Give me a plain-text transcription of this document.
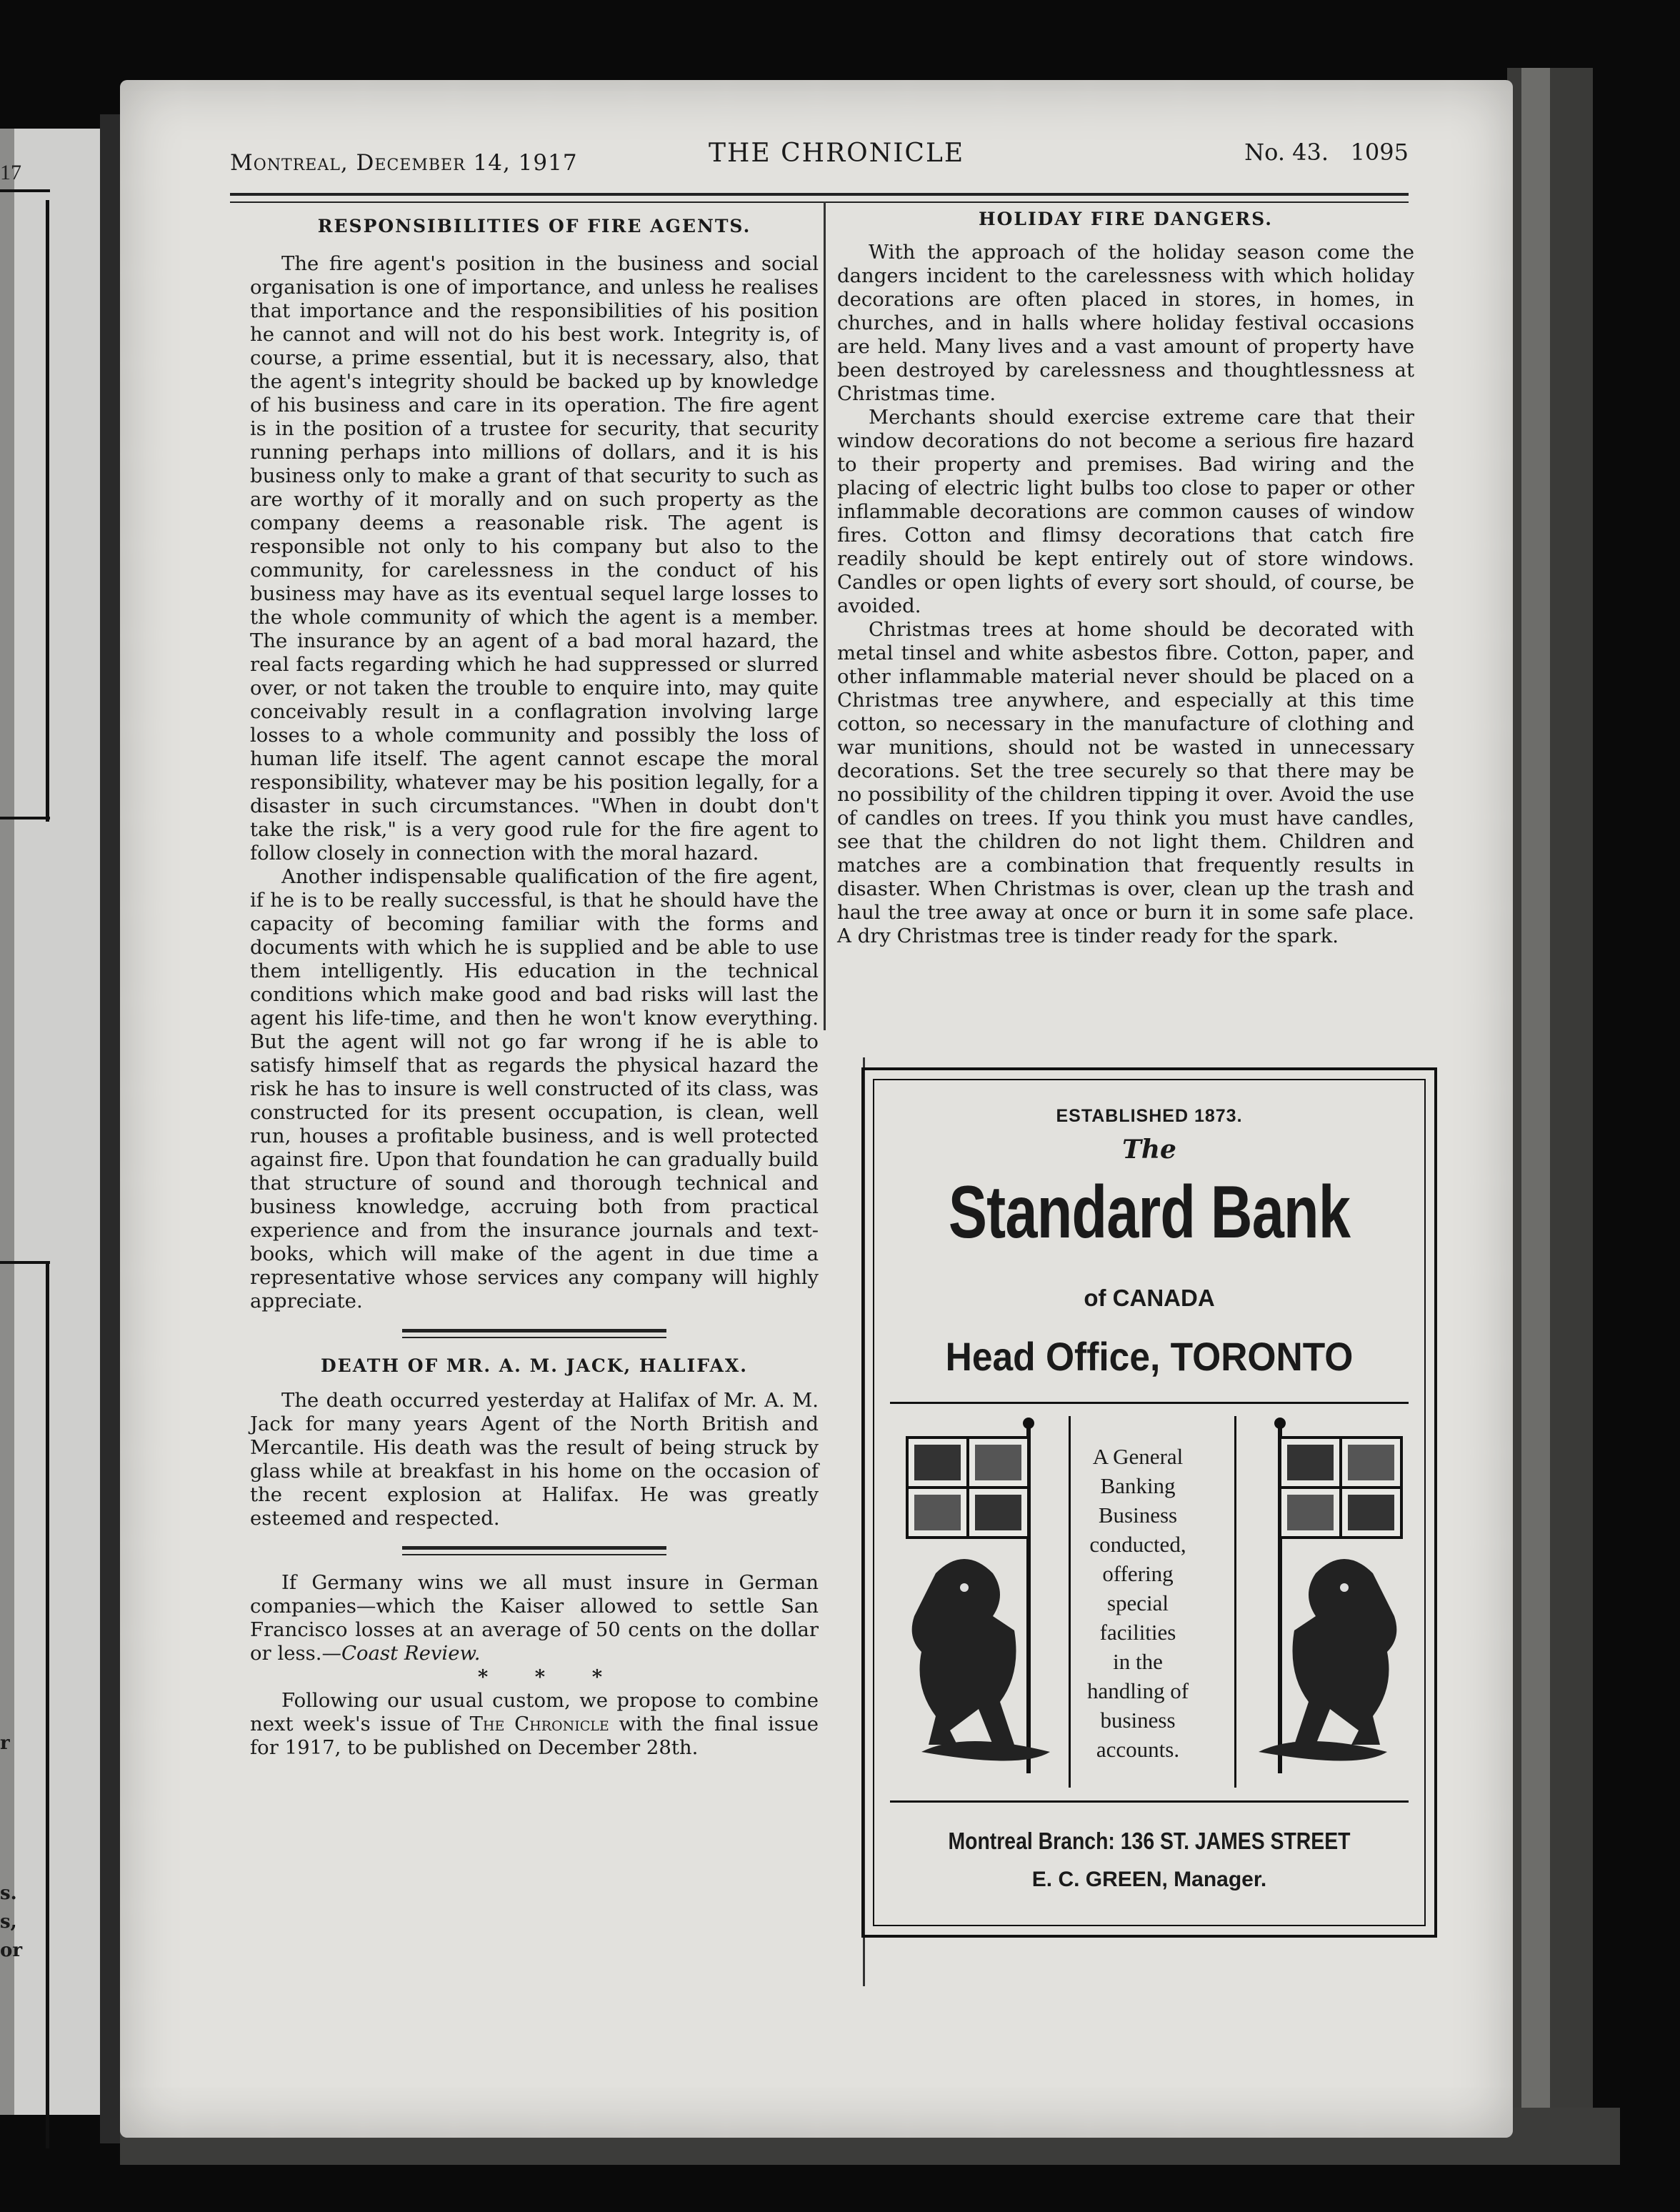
17
r
s.
s,
or
Montreal, December 14, 1917	THE CHRONICLE	No. 43.   1095
RESPONSIBILITIES OF FIRE AGENTS.

The fire agent's position in the business and social organisation is one of importance, and unless he realises that importance and the responsibilities of his position he cannot and will not do his best work. Integrity is, of course, a prime essential, but it is necessary, also, that the agent's integrity should be backed up by knowledge of his business and care in its operation. The fire agent is in the position of a trustee for security, that security running perhaps into millions of dollars, and it is his business only to make a grant of that security to such as are worthy of it morally and on such property as the company deems a reasonable risk. The agent is responsible not only to his company but also to the community, for carelessness in the conduct of his business may have as its eventual sequel large losses to the whole community of which the agent is a member. The insurance by an agent of a bad moral hazard, the real facts regarding which he had suppressed or slurred over, or not taken the trouble to enquire into, may quite conceivably result in a conflagration involving large losses to a whole community and possibly the loss of human life itself. The agent cannot escape the moral responsibility, whatever may be his position legally, for a disaster in such circumstances. "When in doubt don't take the risk," is a very good rule for the fire agent to follow closely in connection with the moral hazard.

Another indispensable qualification of the fire agent, if he is to be really successful, is that he should have the capacity of becoming familiar with the forms and documents with which he is supplied and be able to use them intelligently. His education in the technical conditions which make good and bad risks will last the agent his life-time, and then he won't know everything. But the agent will not go far wrong if he is able to satisfy himself that as regards the physical hazard the risk he has to insure is well constructed of its class, was constructed for its present occupation, is clean, well run, houses a profitable business, and is well protected against fire. Upon that foundation he can gradually build that structure of sound and thorough technical and business knowledge, accruing both from practical experience and from the insurance journals and text-books, which will make of the agent in due time a representative whose services any company will highly appreciate.

DEATH OF MR. A. M. JACK, HALIFAX.

The death occurred yesterday at Halifax of Mr. A. M. Jack for many years Agent of the North British and Mercantile. His death was the result of being struck by glass while at breakfast in his home on the occasion of the recent explosion at Halifax. He was greatly esteemed and respected.

If Germany wins we all must insure in German companies—which the Kaiser allowed to settle San Francisco losses at an average of 50 cents on the dollar or less.—Coast Review.

* * *

Following our usual custom, we propose to combine next week's issue of The Chronicle with the final issue for 1917, to be published on December 28th.

HOLIDAY FIRE DANGERS.

With the approach of the holiday season come the dangers incident to the carelessness with which holiday decorations are often placed in stores, in homes, in churches, and in halls where holiday festival occasions are held. Many lives and a vast amount of property have been destroyed by carelessness and thoughtlessness at Christmas time.

Merchants should exercise extreme care that their window decorations do not become a serious fire hazard to their property and premises. Bad wiring and the placing of electric light bulbs too close to paper or other inflammable decorations are common causes of window fires. Cotton and flimsy decorations that catch fire readily should be kept entirely out of store windows. Candles or open lights of every sort should, of course, be avoided.

Christmas trees at home should be decorated with metal tinsel and white asbestos fibre. Cotton, paper, and other inflammable material never should be placed on a Christmas tree anywhere, and especially at this time cotton, so necessary in the manufacture of clothing and war munitions, should not be wasted in unnecessary decorations. Set the tree securely so that there may be no possibility of the children tipping it over. Avoid the use of candles on trees. If you think you must have candles, see that the children do not light them. Children and matches are a combination that frequently results in disaster. When Christmas is over, clean up the trash and haul the tree away at once or burn it in some safe place. A dry Christmas tree is tinder ready for the spark.

ESTABLISHED 1873.
The
Standard Bank
of CANADA
Head Office, TORONTO
A General
Banking
Business
conducted,
offering
special
facilities
in the
handling of
business
accounts.
Montreal Branch: 136 ST. JAMES STREET
E. C. GREEN, Manager.
